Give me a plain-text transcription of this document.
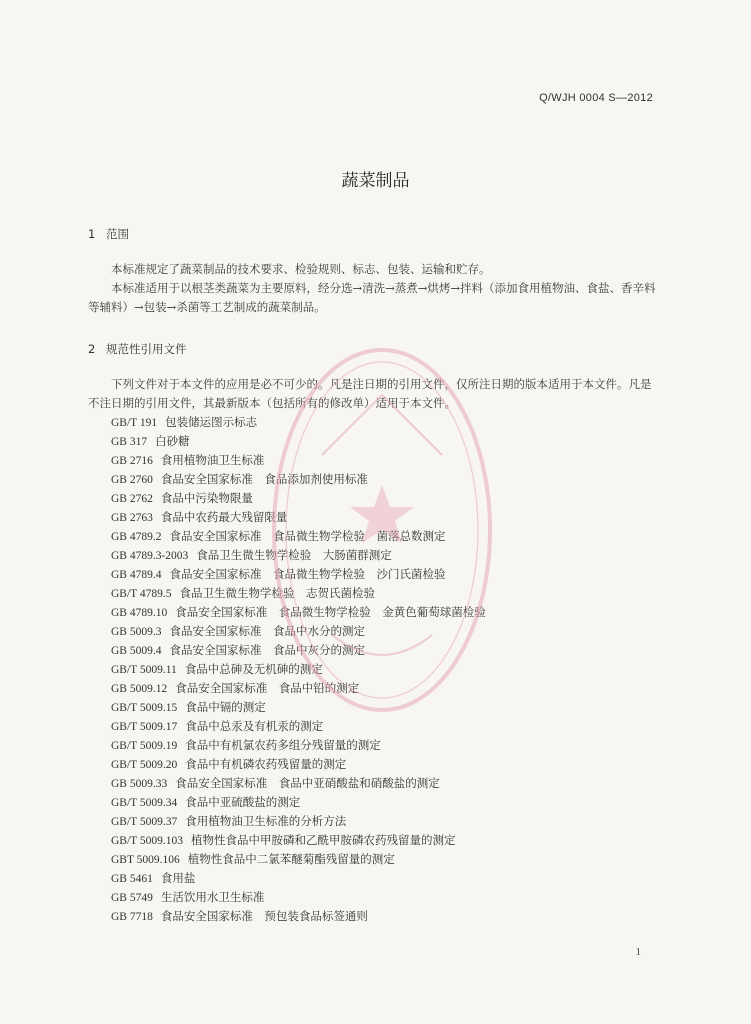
Q/WJH 0004 S—2012
蔬菜制品
1 范围

本标准规定了蔬菜制品的技术要求、检验规则、标志、包装、运输和贮存。

本标准适用于以根茎类蔬菜为主要原料，经分选→清洗→蒸煮→烘烤→拌料（添加食用植物油、食盐、香辛料等辅料）→包装→杀菌等工艺制成的蔬菜制品。

2 规范性引用文件

下列文件对于本文件的应用是必不可少的。凡是注日期的引用文件，仅所注日期的版本适用于本文件。凡是不注日期的引用文件，其最新版本（包括所有的修改单）适用于本文件。

GB/T 191 包装储运图示标志
GB 317 白砂糖
GB 2716 食用植物油卫生标准
GB 2760 食品安全国家标准　食品添加剂使用标准
GB 2762 食品中污染物限量
GB 2763 食品中农药最大残留限量
GB 4789.2 食品安全国家标准　食品微生物学检验　菌落总数测定
GB 4789.3-2003 食品卫生微生物学检验　大肠菌群测定
GB 4789.4 食品安全国家标准　食品微生物学检验　沙门氏菌检验
GB/T 4789.5 食品卫生微生物学检验　志贺氏菌检验
GB 4789.10 食品安全国家标准　食品微生物学检验　金黄色葡萄球菌检验
GB 5009.3 食品安全国家标准　食品中水分的测定
GB 5009.4 食品安全国家标准　食品中灰分的测定
GB/T 5009.11 食品中总砷及无机砷的测定
GB 5009.12 食品安全国家标准　食品中铅的测定
GB/T 5009.15 食品中镉的测定
GB/T 5009.17 食品中总汞及有机汞的测定
GB/T 5009.19 食品中有机氯农药多组分残留量的测定
GB/T 5009.20 食品中有机磷农药残留量的测定
GB 5009.33 食品安全国家标准　食品中亚硝酸盐和硝酸盐的测定
GB/T 5009.34 食品中亚硫酸盐的测定
GB/T 5009.37 食用植物油卫生标准的分析方法
GB/T 5009.103 植物性食品中甲胺磷和乙酰甲胺磷农药残留量的测定
GBT 5009.106 植物性食品中二氯苯醚菊酯残留量的测定
GB 5461 食用盐
GB 5749 生活饮用水卫生标准
GB 7718 食品安全国家标准　预包装食品标签通则
1
